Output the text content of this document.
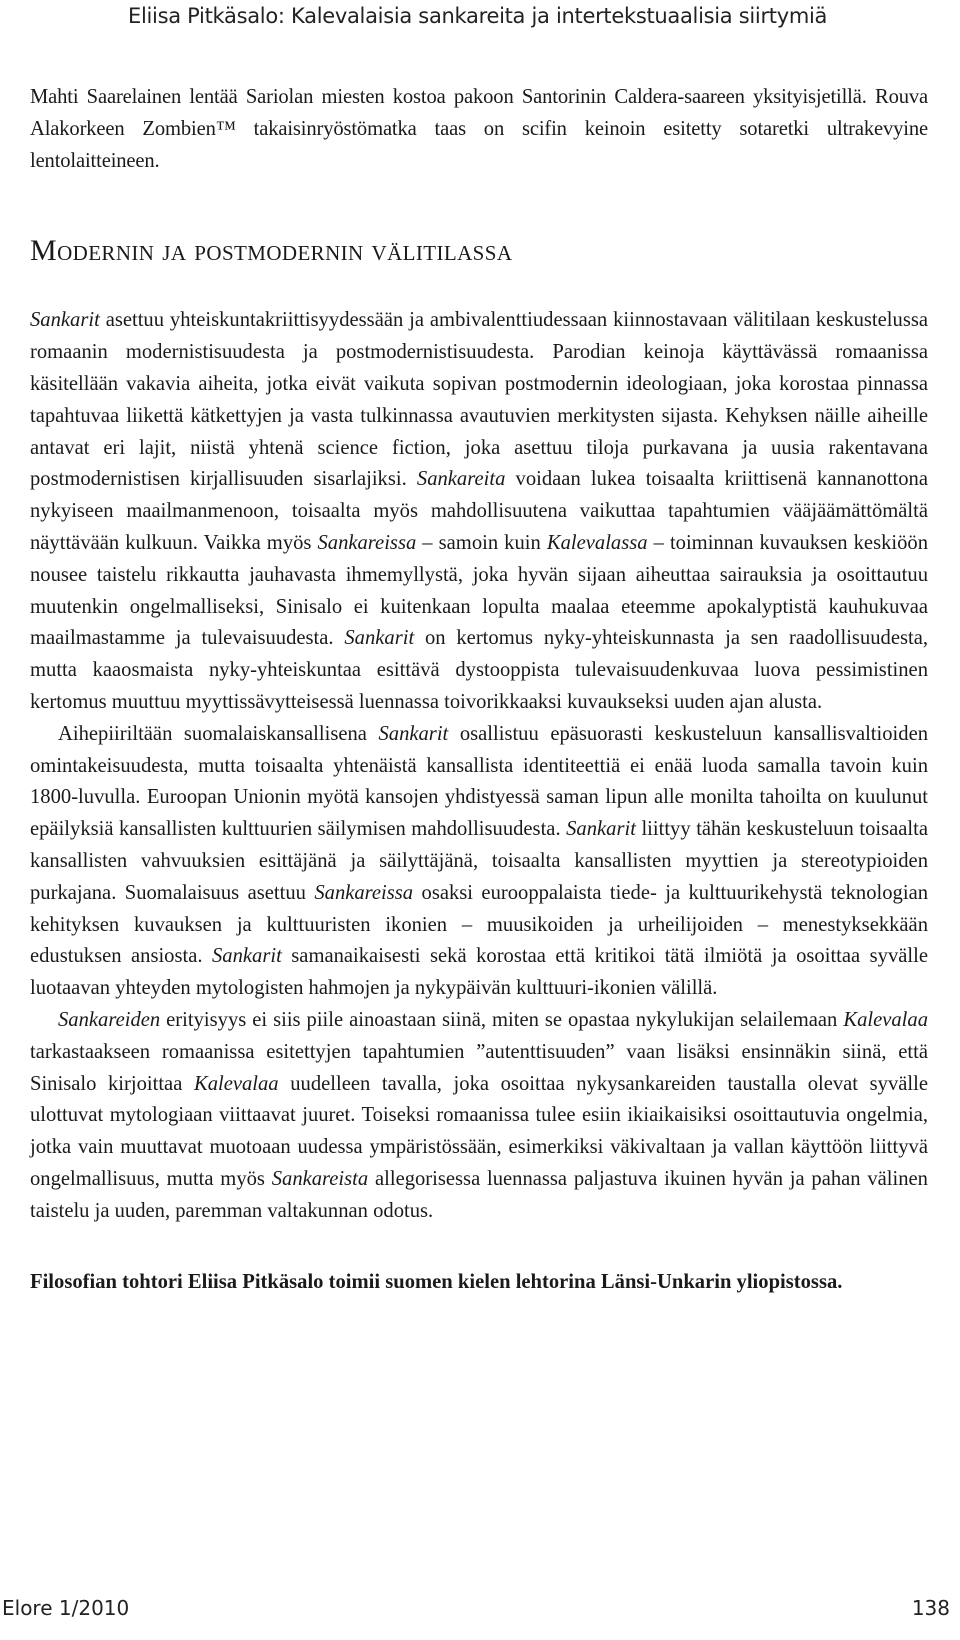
Eliisa Pitkäsalo: Kalevalaisia sankareita ja intertekstuaalisia siirtymiä

Mahti Saarelainen lentää Sariolan miesten kostoa pakoon Santorinin Caldera-saareen yksityisjetillä. Rouva Alakorkeen Zombien™ takaisinryöstömatka taas on scifin keinoin esitetty sotaretki ultrakevyine lentolaitteineen.

Modernin ja postmodernin välitilassa

Sankarit asettuu yhteiskuntakriittisyydessään ja ambivalenttiudessaan kiinnostavaan välitilaan keskustelussa romaanin modernistisuudesta ja postmodernistisuudesta. Parodian keinoja käyttävässä romaanissa käsitellään vakavia aiheita, jotka eivät vaikuta sopivan postmodernin ideologiaan, joka korostaa pinnassa tapahtuvaa liikettä kätkettyjen ja vasta tulkinnassa avautuvien merkitysten sijasta. Kehyksen näille aiheille antavat eri lajit, niistä yhtenä science fiction, joka asettuu tiloja purkavana ja uusia rakentavana postmodernistisen kirjallisuuden sisarlajiksi. Sankareita voidaan lukea toisaalta kriittisenä kannanottona nykyiseen maailmanmenoon, toisaalta myös mahdollisuutena vaikuttaa tapahtumien vääjäämättömältä näyttävään kulkuun. Vaikka myös Sankareissa – samoin kuin Kalevalassa – toiminnan kuvauksen keskiöön nousee taistelu rikkautta jauhavasta ihmemyllystä, joka hyvän sijaan aiheuttaa sairauksia ja osoittautuu muutenkin ongelmalliseksi, Sinisalo ei kuitenkaan lopulta maalaa eteemme apokalyptistä kauhukuvaa maailmastamme ja tulevaisuudesta. Sankarit on kertomus nyky-yhteiskunnasta ja sen raadollisuudesta, mutta kaaosmaista nyky-yhteiskuntaa esittävä dystooppista tulevaisuudenkuvaa luova pessimistinen kertomus muuttuu myyttissävytteisessä luennassa toivorikkaaksi kuvaukseksi uuden ajan alusta.

Aihepiiriltään suomalaiskansallisena Sankarit osallistuu epäsuorasti keskusteluun kansallisvaltioiden omintakeisuudesta, mutta toisaalta yhtenäistä kansallista identiteettiä ei enää luoda samalla tavoin kuin 1800-luvulla. Euroopan Unionin myötä kansojen yhdistyessä saman lipun alle monilta tahoilta on kuulunut epäilyksiä kansallisten kulttuurien säilymisen mahdollisuudesta. Sankarit liittyy tähän keskusteluun toisaalta kansallisten vahvuuksien esittäjänä ja säilyttäjänä, toisaalta kansallisten myyttien ja stereotypioiden purkajana. Suomalaisuus asettuu Sankareissa osaksi eurooppalaista tiede- ja kulttuurikehystä teknologian kehityksen kuvauksen ja kulttuuristen ikonien – muusikoiden ja urheilijoiden – menestyksekkään edustuksen ansiosta. Sankarit samanaikaisesti sekä korostaa että kritikoi tätä ilmiötä ja osoittaa syvälle luotaavan yhteyden mytologisten hahmojen ja nykypäivän kulttuuri-ikonien välillä.

Sankareiden erityisyys ei siis piile ainoastaan siinä, miten se opastaa nykylukijan selailemaan Kalevalaa tarkastaakseen romaanissa esitettyjen tapahtumien ”autenttisuuden” vaan lisäksi ensinnäkin siinä, että Sinisalo kirjoittaa Kalevalaa uudelleen tavalla, joka osoittaa nykysankareiden taustalla olevat syvälle ulottuvat mytologiaan viittaavat juuret. Toiseksi romaanissa tulee esiin ikiaikaisiksi osoittautuvia ongelmia, jotka vain muuttavat muotoaan uudessa ympäristössään, esimerkiksi väkivaltaan ja vallan käyttöön liittyvä ongelmallisuus, mutta myös Sankareista allegorisessa luennassa paljastuva ikuinen hyvän ja pahan välinen taistelu ja uuden, paremman valtakunnan odotus.

Filosofian tohtori Eliisa Pitkäsalo toimii suomen kielen lehtorina Länsi-Unkarin yliopistossa.

Elore 1/2010	138
